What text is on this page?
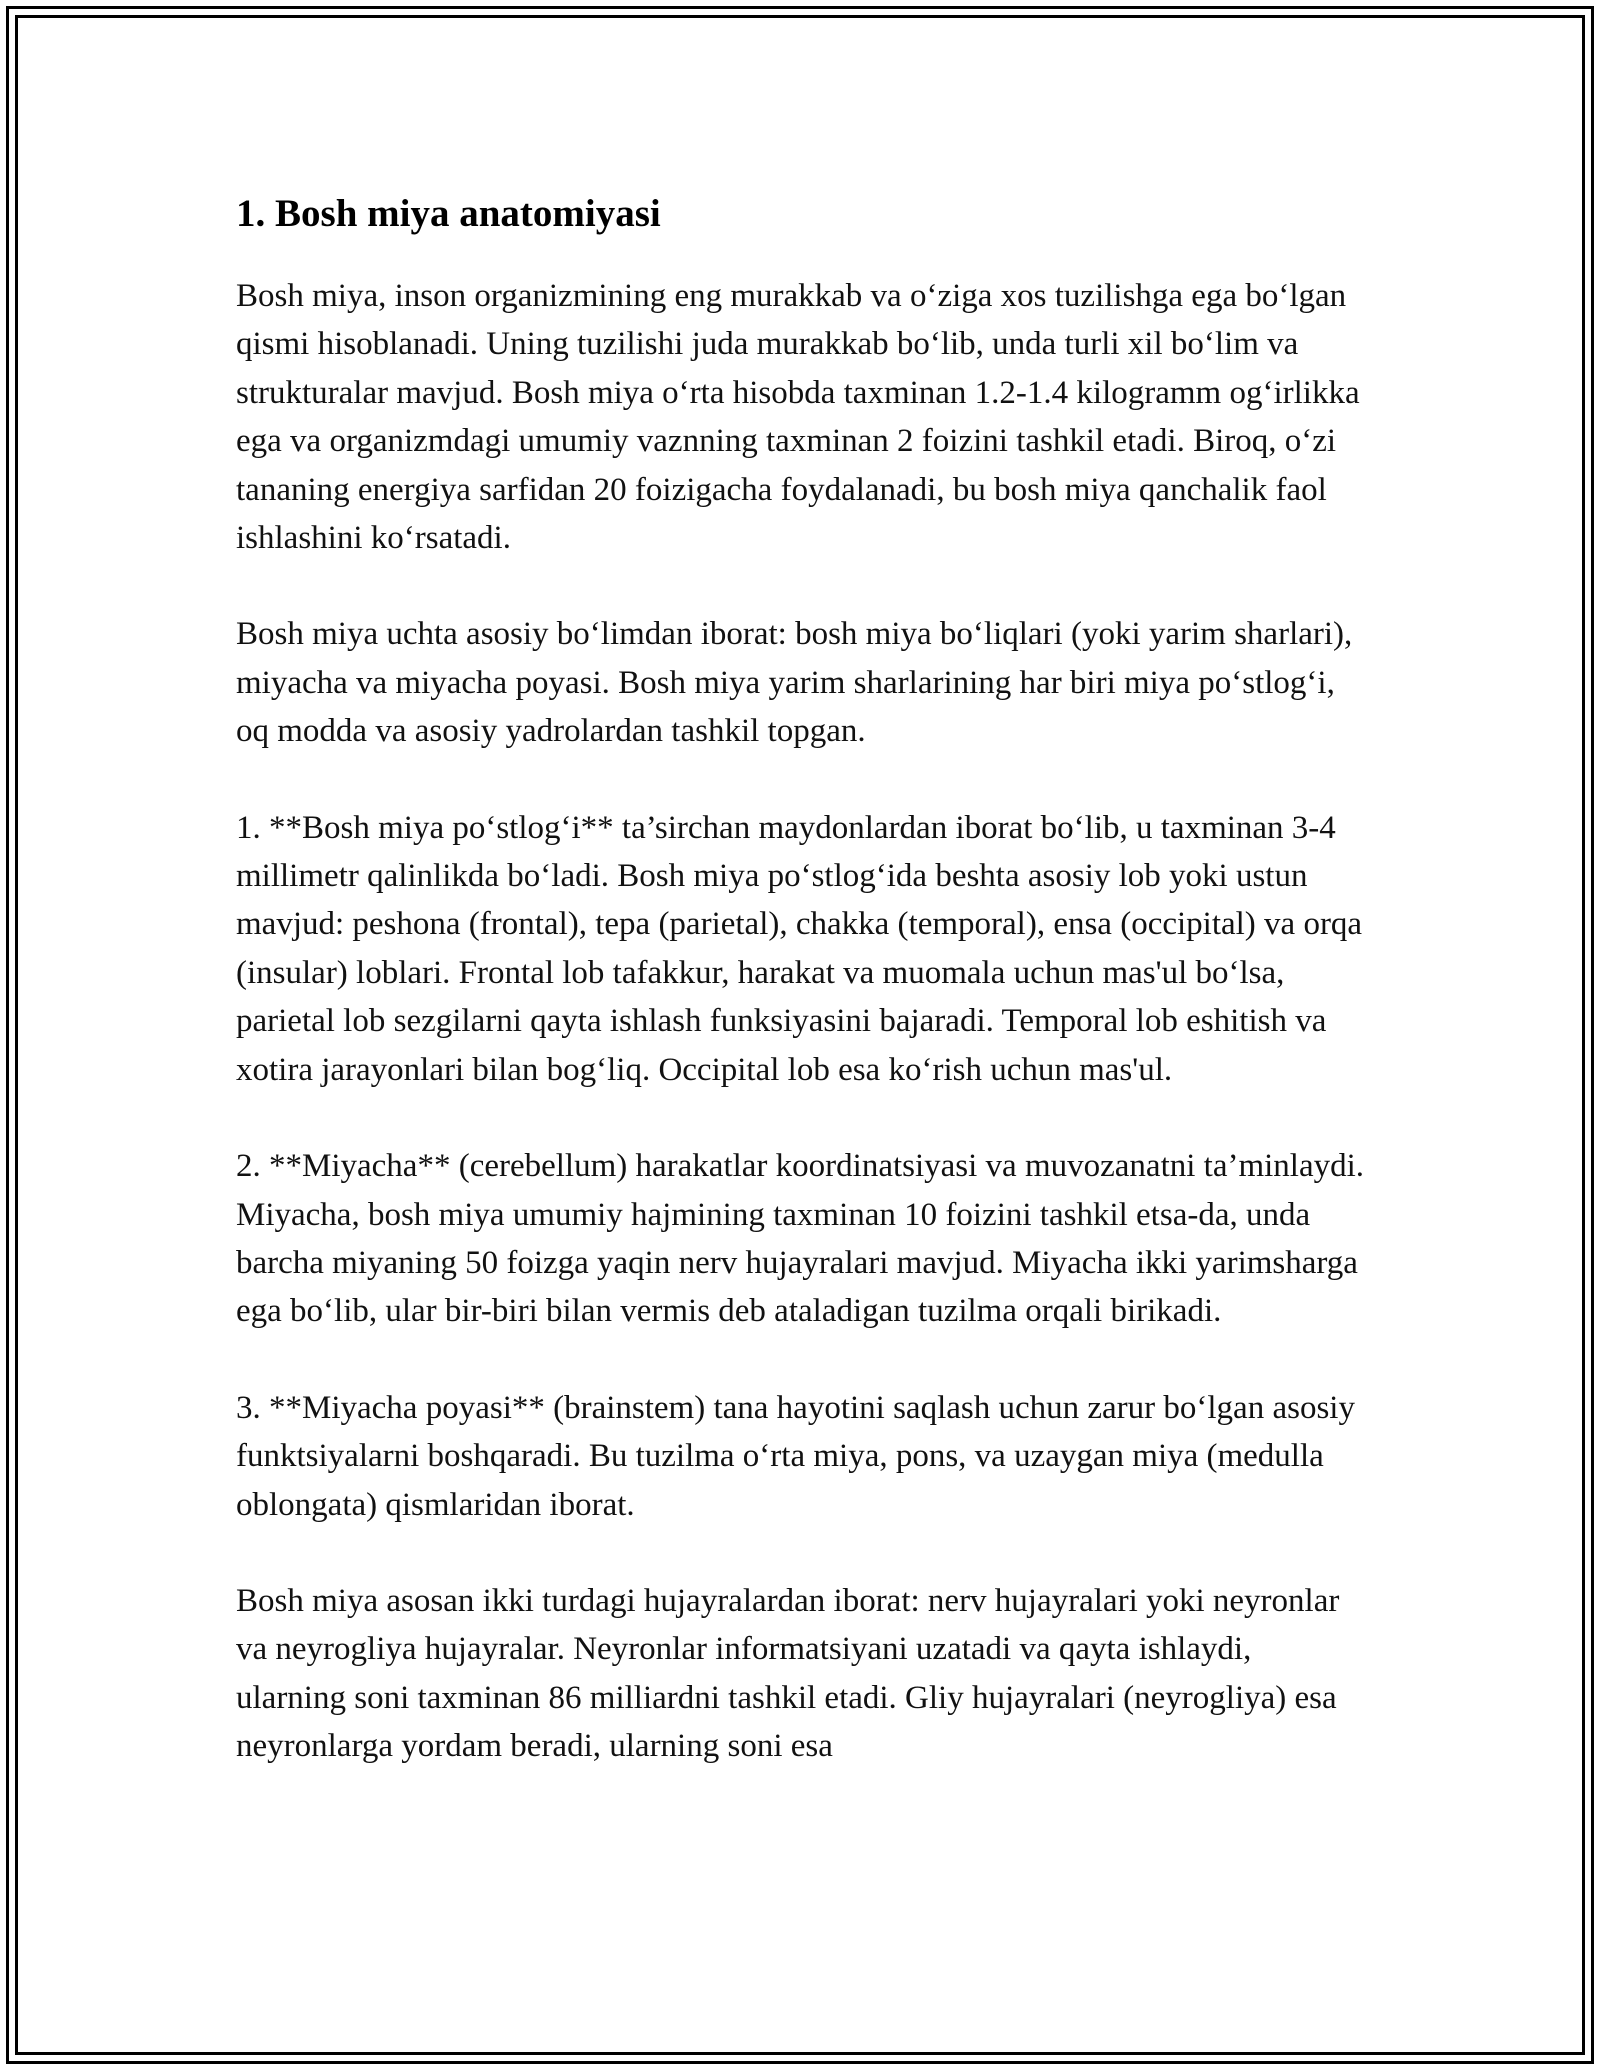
1. Bosh miya anatomiyasi

Bosh miya, inson organizmining eng murakkab va o‘ziga xos tuzilishga ega bo‘lgan qismi hisoblanadi. Uning tuzilishi juda murakkab bo‘lib, unda turli xil bo‘lim va strukturalar mavjud. Bosh miya o‘rta hisobda taxminan 1.2-1.4 kilogramm og‘irlikka ega va organizmdagi umumiy vaznning taxminan 2 foizini tashkil etadi. Biroq, o‘zi tananing energiya sarfidan 20 foizigacha foydalanadi, bu bosh miya qanchalik faol ishlashini ko‘rsatadi.

Bosh miya uchta asosiy bo‘limdan iborat: bosh miya bo‘liqlari (yoki yarim sharlari), miyacha va miyacha poyasi. Bosh miya yarim sharlarining har biri miya po‘stlog‘i, oq modda va asosiy yadrolardan tashkil topgan.

1. **Bosh miya po‘stlog‘i** ta’sirchan maydonlardan iborat bo‘lib, u taxminan 3-4 millimetr qalinlikda bo‘ladi. Bosh miya po‘stlog‘ida beshta asosiy lob yoki ustun mavjud: peshona (frontal), tepa (parietal), chakka (temporal), ensa (occipital) va orqa (insular) loblari. Frontal lob tafakkur, harakat va muomala uchun mas'ul bo‘lsa, parietal lob sezgilarni qayta ishlash funksiyasini bajaradi. Temporal lob eshitish va xotira jarayonlari bilan bog‘liq. Occipital lob esa ko‘rish uchun mas'ul.

2. **Miyacha** (cerebellum) harakatlar koordinatsiyasi va muvozanatni ta’minlaydi. Miyacha, bosh miya umumiy hajmining taxminan 10 foizini tashkil etsa-da, unda barcha miyaning 50 foizga yaqin nerv hujayralari mavjud. Miyacha ikki yarimsharga ega bo‘lib, ular bir-biri bilan vermis deb ataladigan tuzilma orqali birikadi.

3. **Miyacha poyasi** (brainstem) tana hayotini saqlash uchun zarur bo‘lgan asosiy funktsiyalarni boshqaradi. Bu tuzilma o‘rta miya, pons, va uzaygan miya (medulla oblongata) qismlaridan iborat.

Bosh miya asosan ikki turdagi hujayralardan iborat: nerv hujayralari yoki neyronlar va neyrogliya hujayralar. Neyronlar informatsiyani uzatadi va qayta ishlaydi, ularning soni taxminan 86 milliardni tashkil etadi. Gliy hujayralari (neyrogliya) esa neyronlarga yordam beradi, ularning soni esa
